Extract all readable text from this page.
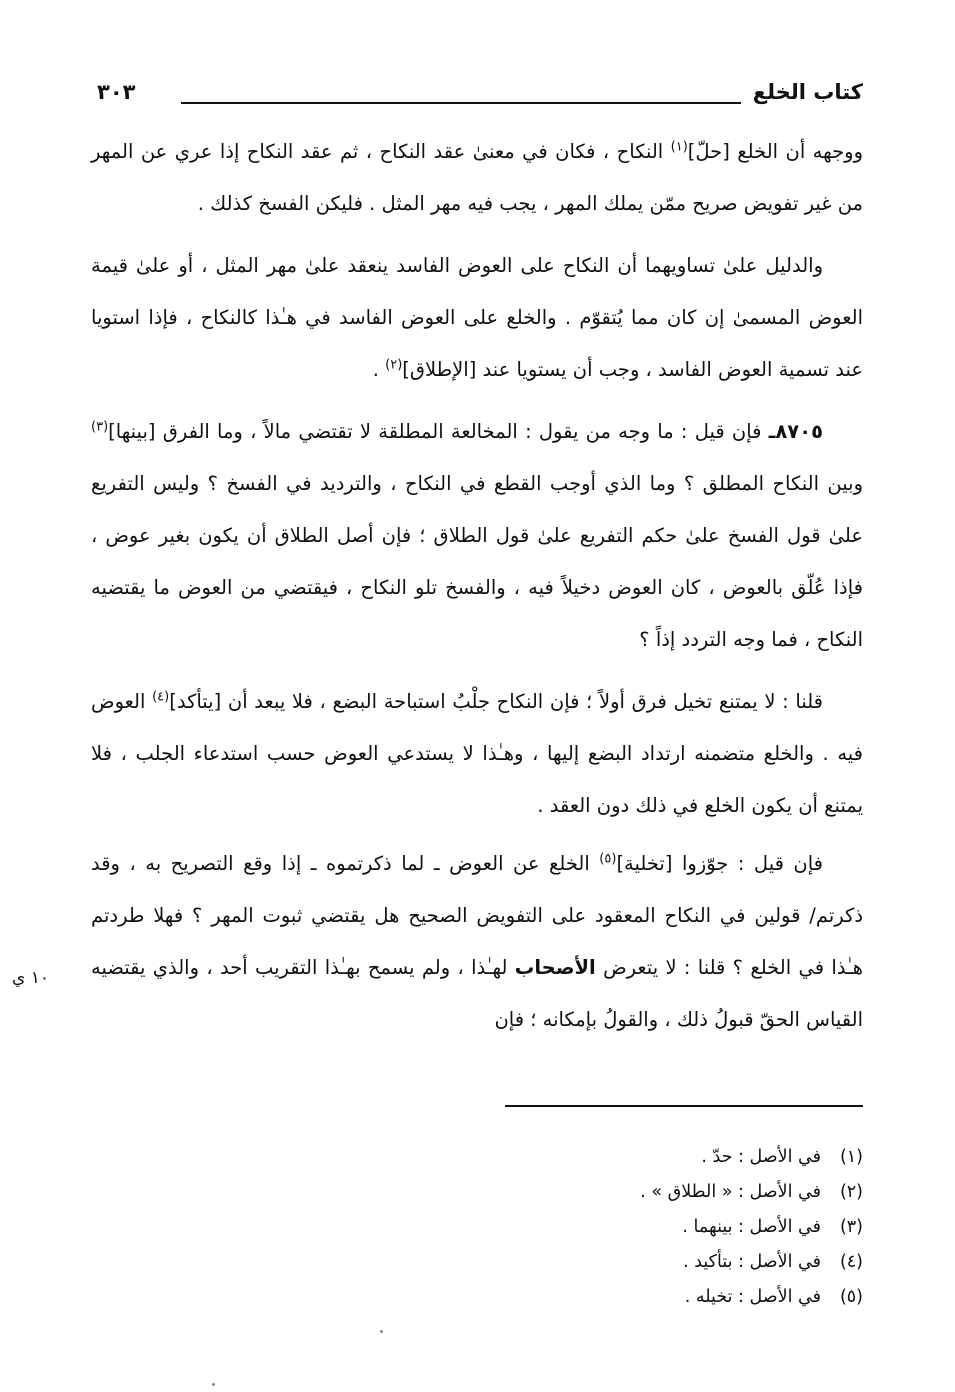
كتاب الخلع
٣٠٣

ووجهه أن الخلع [حلّ]$^{(١)}$ النكاح ، فكان في معنىٰ عقد النكاح ، ثم عقد النكاح إذا عري عن المهر من غير تفويض صريح ممّن يملك المهر ، يجب فيه مهر المثل . فليكن الفسخ كذلك .

والدليل علىٰ تساويهما أن النكاح على العوض الفاسد ينعقد علىٰ مهر المثل ، أو علىٰ قيمة العوض المسمىٰ إن كان مما يُتقوّم . والخلع على العوض الفاسد في هـٰذا كالنكاح ، فإذا استويا عند تسمية العوض الفاسد ، وجب أن يستويا عند [الإطلاق]$^{(٢)}$ .

٨٧٠٥ـ فإن قيل : ما وجه من يقول : المخالعة المطلقة لا تقتضي مالاً ، وما الفرق [بينها]$^{(٣)}$ وبين النكاح المطلق ؟ وما الذي أوجب القطع في النكاح ، والترديد في الفسخ ؟ وليس التفريع علىٰ قول الفسخ علىٰ حكم التفريع علىٰ قول الطلاق ؛ فإن أصل الطلاق أن يكون بغير عوض ، فإذا عُلّق بالعوض ، كان العوض دخيلاً فيه ، والفسخ تلو النكاح ، فيقتضي من العوض ما يقتضيه النكاح ، فما وجه التردد إذاً ؟

قلنا : لا يمتنع تخيل فرق أولاً ؛ فإن النكاح جلْبُ استباحة البضع ، فلا يبعد أن [يتأكد]$^{(٤)}$ العوض فيه . والخلع متضمنه ارتداد البضع إليها ، وهـٰذا لا يستدعي العوض حسب استدعاء الجلب ، فلا يمتنع أن يكون الخلع في ذلك دون العقد .

فإن قيل : جوّزوا [تخلية]$^{(٥)}$ الخلع عن العوض ـ لما ذكرتموه ـ إذا وقع التصريح به ، وقد ذكرتم/ قولين في النكاح المعقود على التفويض الصحيح هل يقتضي ثبوت المهر ؟ فهلا طردتم هـٰذا في الخلع ؟ قلنا : لا يتعرض الأصحاب لهـٰذا ، ولم يسمح بهـٰذا التقريب أحد ، والذي يقتضيه القياس الحقّ قبولُ ذلك ، والقولُ بإمكانه ؛ فإن

١٠ ي
(١)في الأصل : حدّ .
(٢)في الأصل : « الطلاق » .
(٣)في الأصل : بينهما .
(٤)في الأصل : بتأكيد .
(٥)في الأصل : تخيله .
